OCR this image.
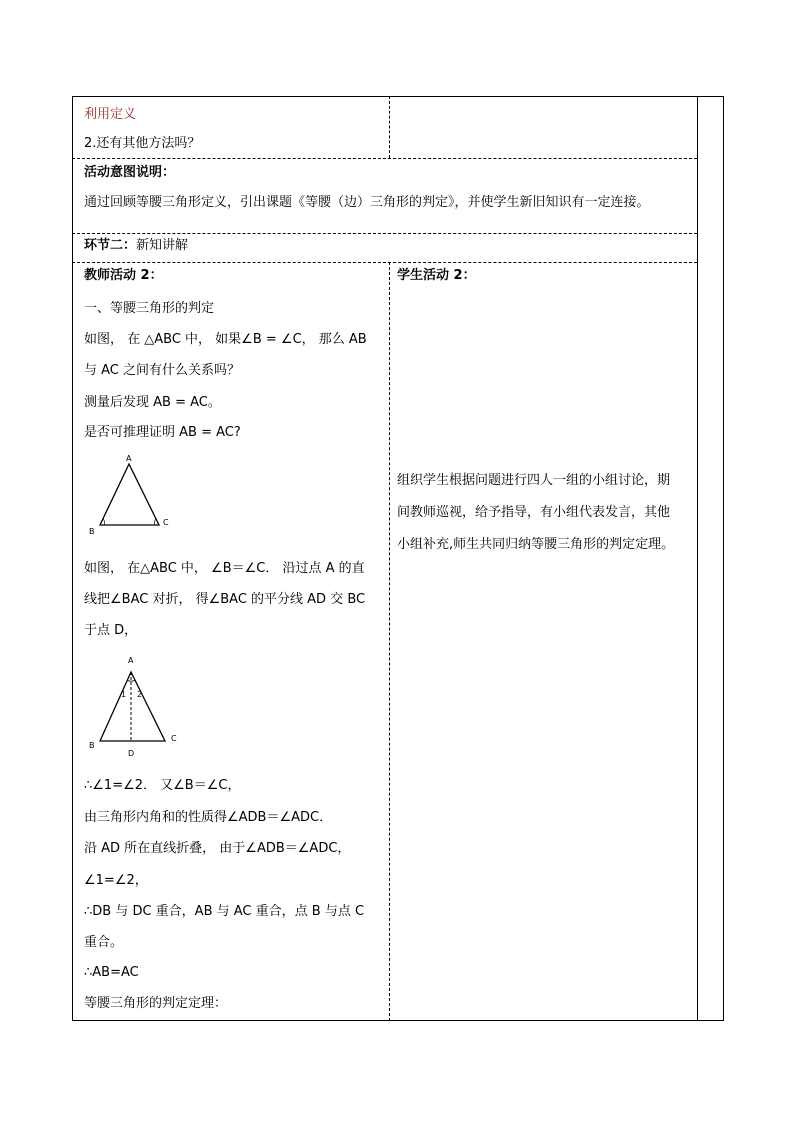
利用定义
2.还有其他方法吗？
活动意图说明：
通过回顾等腰三角形定义，引出课题《等腰（边）三角形的判定》，并使学生新旧知识有一定连接。
环节二：新知讲解
教师活动 2：
一、等腰三角形的判定
如图， 在 △ABC 中， 如果∠B = ∠C， 那么 AB
与 AC 之间有什么关系吗？
测量后发现 AB = AC。
是否可推理证明 AB = AC?
A
B
C
如图， 在△ABC 中， ∠B＝∠C． 沿过点 A 的直
线把∠BAC 对折， 得∠BAC 的平分线 AD 交 BC
于点 D，
A
B
C
D
1 2
∴∠1=∠2． 又∠B＝∠C，
由三角形内角和的性质得∠ADB＝∠ADC．
沿 AD 所在直线折叠， 由于∠ADB＝∠ADC，
∠1=∠2，
∴DB 与 DC 重合，AB 与 AC 重合，点 B 与点 C
重合。
∴AB=AC
等腰三角形的判定定理：
学生活动 2：
组织学生根据问题进行四人一组的小组讨论，期
间教师巡视，给予指导，有小组代表发言，其他
小组补充,师生共同归纳等腰三角形的判定定理。
